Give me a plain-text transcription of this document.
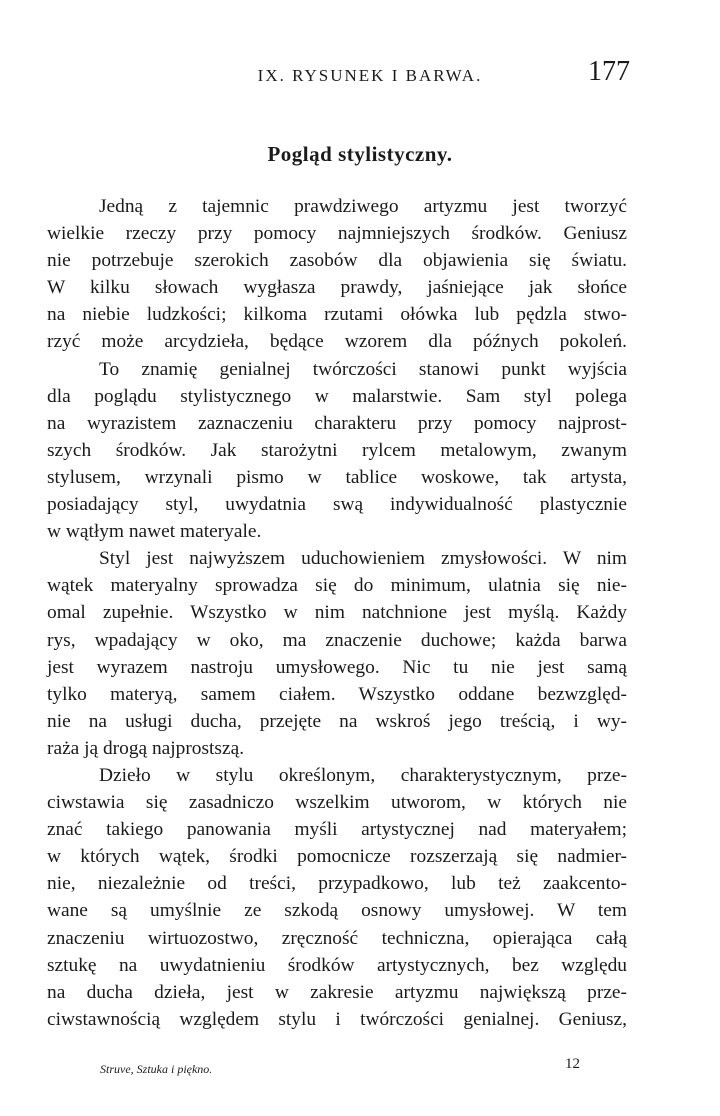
IX. RYSUNEK I BARWA.	177
Pogląd stylistyczny.
Jedną z tajemnic prawdziwego artyzmu jest tworzyć
wielkie rzeczy przy pomocy najmniejszych środków. Geniusz
nie potrzebuje szerokich zasobów dla objawienia się światu.
W kilku słowach wygłasza prawdy, jaśniejące jak słońce
na niebie ludzkości; kilkoma rzutami ołówka lub pędzla stwo-
rzyć może arcydzieła, będące wzorem dla późnych pokoleń.
To znamię genialnej twórczości stanowi punkt wyjścia
dla poglądu stylistycznego w malarstwie. Sam styl polega
na wyrazistem zaznaczeniu charakteru przy pomocy najprost-
szych środków. Jak starożytni rylcem metalowym, zwanym
stylusem, wrzynali pismo w tablice woskowe, tak artysta,
posiadający styl, uwydatnia swą indywidualność plastycznie
w wątłym nawet materyale.
Styl jest najwyższem uduchowieniem zmysłowości. W nim
wątek materyalny sprowadza się do minimum, ulatnia się nie-
omal zupełnie. Wszystko w nim natchnione jest myślą. Każdy
rys, wpadający w oko, ma znaczenie duchowe; każda barwa
jest wyrazem nastroju umysłowego. Nic tu nie jest samą
tylko materyą, samem ciałem. Wszystko oddane bezwzględ-
nie na usługi ducha, przejęte na wskroś jego treścią, i wy-
raża ją drogą najprostszą.
Dzieło w stylu określonym, charakterystycznym, prze-
ciwstawia się zasadniczo wszelkim utworom, w których nie
znać takiego panowania myśli artystycznej nad materyałem;
w których wątek, środki pomocnicze rozszerzają się nadmier-
nie, niezależnie od treści, przypadkowo, lub też zaakcento-
wane są umyślnie ze szkodą osnowy umysłowej. W tem
znaczeniu wirtuozostwo, zręczność techniczna, opierająca całą
sztukę na uwydatnieniu środków artystycznych, bez względu
na ducha dzieła, jest w zakresie artyzmu największą prze-
ciwstawnością względem stylu i twórczości genialnej. Geniusz,
Struve, Sztuka i piękno.	12
